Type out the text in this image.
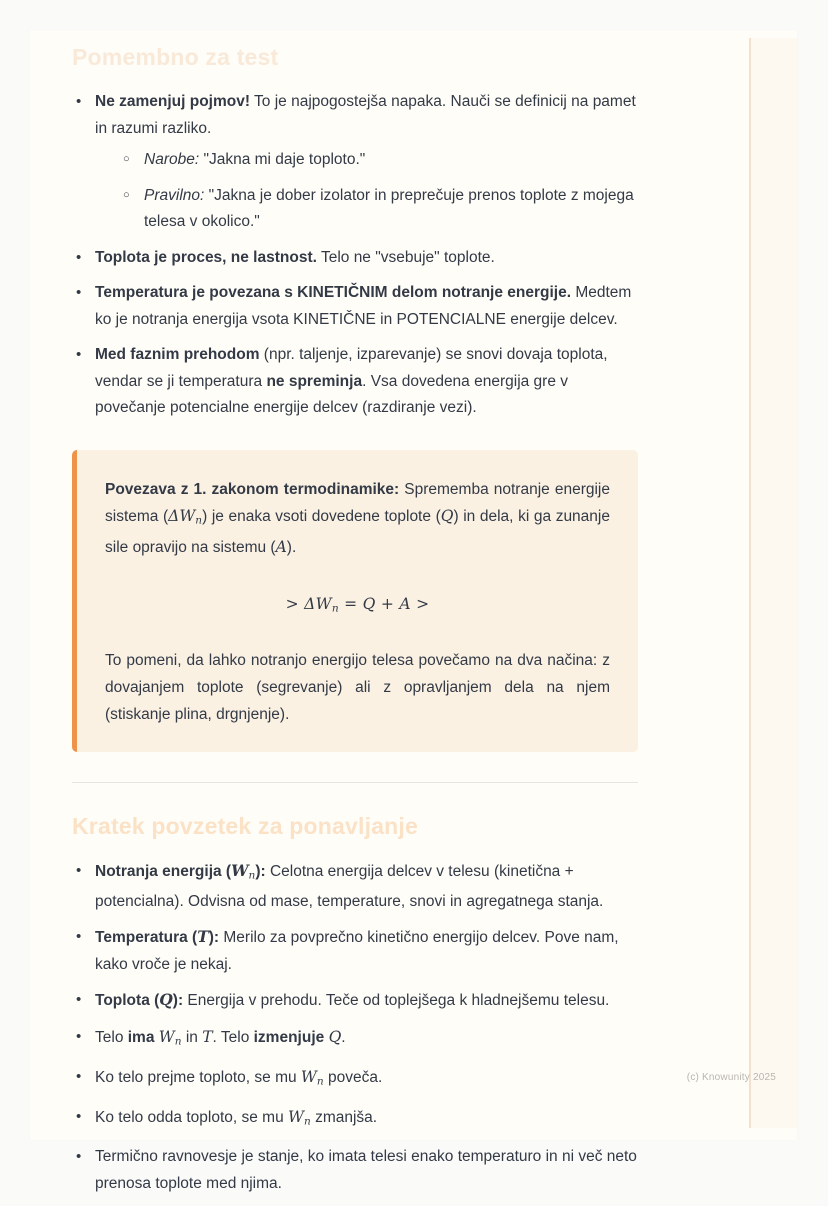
Pomembno za test
• Ne zamenjuj pojmov! To je najpogostejša napaka. Nauči se definicij na pamet in razumi razliko.
○ Narobe: "Jakna mi daje toploto."
○ Pravilno: "Jakna je dober izolator in preprečuje prenos toplote z mojega telesa v okolico."
• Toplota je proces, ne lastnost. Telo ne "vsebuje" toplote.
• Temperatura je povezana s KINETIČNIM delom notranje energije. Medtem ko je notranja energija vsota KINETIČNE in POTENCIALNE energije delcev.
• Med faznim prehodom (npr. taljenje, izparevanje) se snovi dovaja toplota, vendar se ji temperatura ne spreminja. Vsa dovedena energija gre v povečanje potencialne energije delcev (razdiranje vezi).

Povezava z 1. zakonom termodinamike: Sprememba notranje energije sistema $(\Delta W_n)$ je enaka vsoti dovedene toplote (Q) in dela, ki ga zunanje sile opravijo na sistemu (A).

> $\Delta W_n = Q + A$ >

To pomeni, da lahko notranjo energijo telesa povečamo na dva načina: z dovajanjem toplote (segrevanje) ali z opravljanjem dela na njem (stiskanje plina, drgnjenje).

Kratek povzetek za ponavljanje
• Notranja energija $(W_n)$: Celotna energija delcev v telesu (kinetična + potencialna). Odvisna od mase, temperature, snovi in agregatnega stanja.
• Temperatura (T): Merilo za povprečno kinetično energijo delcev. Pove nam, kako vroče je nekaj.
• Toplota (Q): Energija v prehodu. Teče od toplejšega k hladnejšemu telesu.
• Telo ima $W_n$ in T. Telo izmenjuje Q.
• Ko telo prejme toploto, se mu $W_n$ poveča.
• Ko telo odda toploto, se mu $W_n$ zmanjša.
• Termično ravnovesje je stanje, ko imata telesi enako temperaturo in ni več neto prenosa toplote med njima.
(c) Knowunity 2025
